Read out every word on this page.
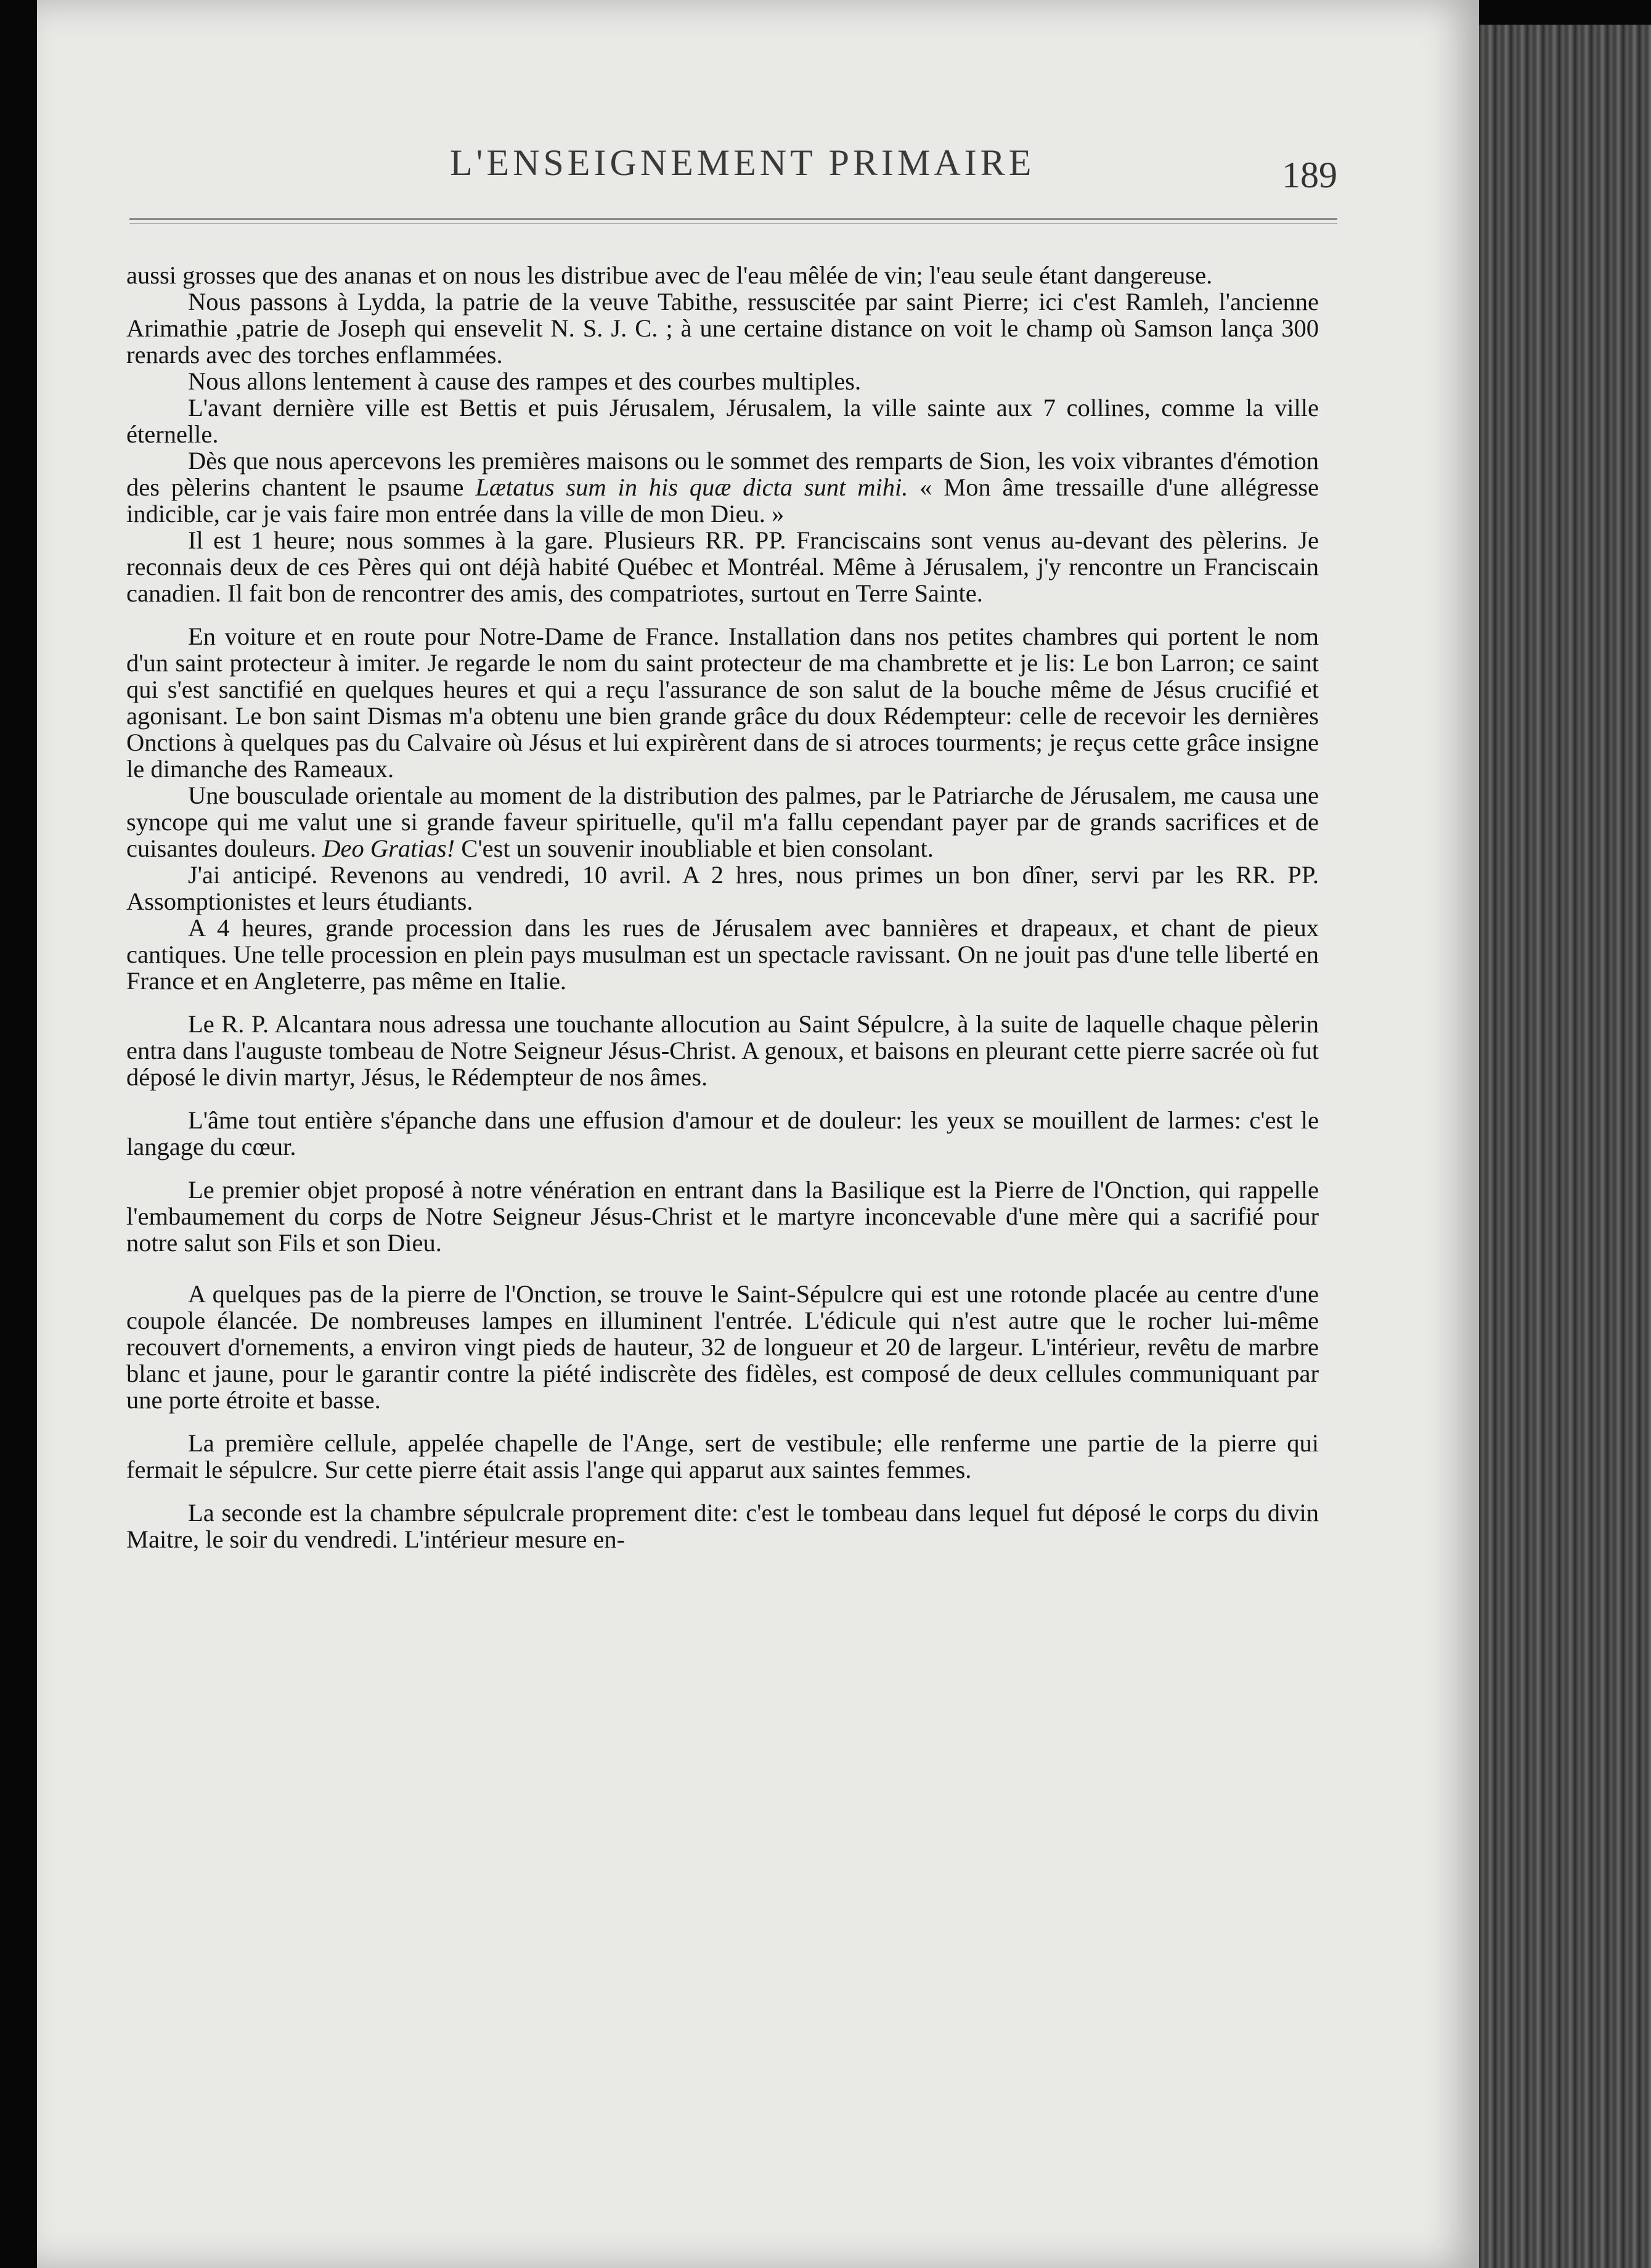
L'ENSEIGNEMENT PRIMAIRE	189

aussi grosses que des ananas et on nous les distribue avec de l'eau mêlée de vin; l'eau seule étant dangereuse.

Nous passons à Lydda, la patrie de la veuve Tabithe, ressuscitée par saint Pierre; ici c'est Ramleh, l'ancienne Arimathie ,patrie de Joseph qui ensevelit N. S. J. C. ; à une certaine distance on voit le champ où Samson lança 300 renards avec des torches enflammées.

Nous allons lentement à cause des rampes et des courbes multiples.

L'avant dernière ville est Bettis et puis Jérusalem, Jérusalem, la ville sainte aux 7 collines, comme la ville éternelle.

Dès que nous apercevons les premières maisons ou le sommet des remparts de Sion, les voix vibrantes d'émotion des pèlerins chantent le psaume Lætatus sum in his quæ dicta sunt mihi. « Mon âme tressaille d'une allégresse indicible, car je vais faire mon entrée dans la ville de mon Dieu. »

Il est 1 heure; nous sommes à la gare. Plusieurs RR. PP. Franciscains sont venus au-devant des pèlerins. Je reconnais deux de ces Pères qui ont déjà habité Québec et Montréal. Même à Jérusalem, j'y rencontre un Franciscain canadien. Il fait bon de rencontrer des amis, des compatriotes, surtout en Terre Sainte.

En voiture et en route pour Notre-Dame de France. Installation dans nos petites chambres qui portent le nom d'un saint protecteur à imiter. Je regarde le nom du saint protecteur de ma chambrette et je lis: Le bon Larron; ce saint qui s'est sanctifié en quelques heures et qui a reçu l'assurance de son salut de la bouche même de Jésus crucifié et agonisant. Le bon saint Dismas m'a obtenu une bien grande grâce du doux Rédempteur: celle de recevoir les dernières Onctions à quelques pas du Calvaire où Jésus et lui expirèrent dans de si atroces tourments; je reçus cette grâce insigne le dimanche des Rameaux.

Une bousculade orientale au moment de la distribution des palmes, par le Patriarche de Jérusalem, me causa une syncope qui me valut une si grande faveur spirituelle, qu'il m'a fallu cependant payer par de grands sacrifices et de cuisantes douleurs. Deo Gratias! C'est un souvenir inoubliable et bien consolant.

J'ai anticipé. Revenons au vendredi, 10 avril. A 2 hres, nous primes un bon dîner, servi par les RR. PP. Assomptionistes et leurs étudiants.

A 4 heures, grande procession dans les rues de Jérusalem avec bannières et drapeaux, et chant de pieux cantiques. Une telle procession en plein pays musulman est un spectacle ravissant. On ne jouit pas d'une telle liberté en France et en Angleterre, pas même en Italie.

Le R. P. Alcantara nous adressa une touchante allocution au Saint Sépulcre, à la suite de laquelle chaque pèlerin entra dans l'auguste tombeau de Notre Seigneur Jésus-Christ. A genoux, et baisons en pleurant cette pierre sacrée où fut déposé le divin martyr, Jésus, le Rédempteur de nos âmes.

L'âme tout entière s'épanche dans une effusion d'amour et de douleur: les yeux se mouillent de larmes: c'est le langage du cœur.

Le premier objet proposé à notre vénération en entrant dans la Basilique est la Pierre de l'Onction, qui rappelle l'embaumement du corps de Notre Seigneur Jésus-Christ et le martyre inconcevable d'une mère qui a sacrifié pour notre salut son Fils et son Dieu.

A quelques pas de la pierre de l'Onction, se trouve le Saint-Sépulcre qui est une rotonde placée au centre d'une coupole élancée. De nombreuses lampes en illuminent l'entrée. L'édicule qui n'est autre que le rocher lui-même recouvert d'ornements, a environ vingt pieds de hauteur, 32 de longueur et 20 de largeur. L'intérieur, revêtu de marbre blanc et jaune, pour le garantir contre la piété indiscrète des fidèles, est composé de deux cellules communiquant par une porte étroite et basse.

La première cellule, appelée chapelle de l'Ange, sert de vestibule; elle renferme une partie de la pierre qui fermait le sépulcre. Sur cette pierre était assis l'ange qui apparut aux saintes femmes.

La seconde est la chambre sépulcrale proprement dite: c'est le tombeau dans lequel fut déposé le corps du divin Maitre, le soir du vendredi. L'intérieur mesure en-
